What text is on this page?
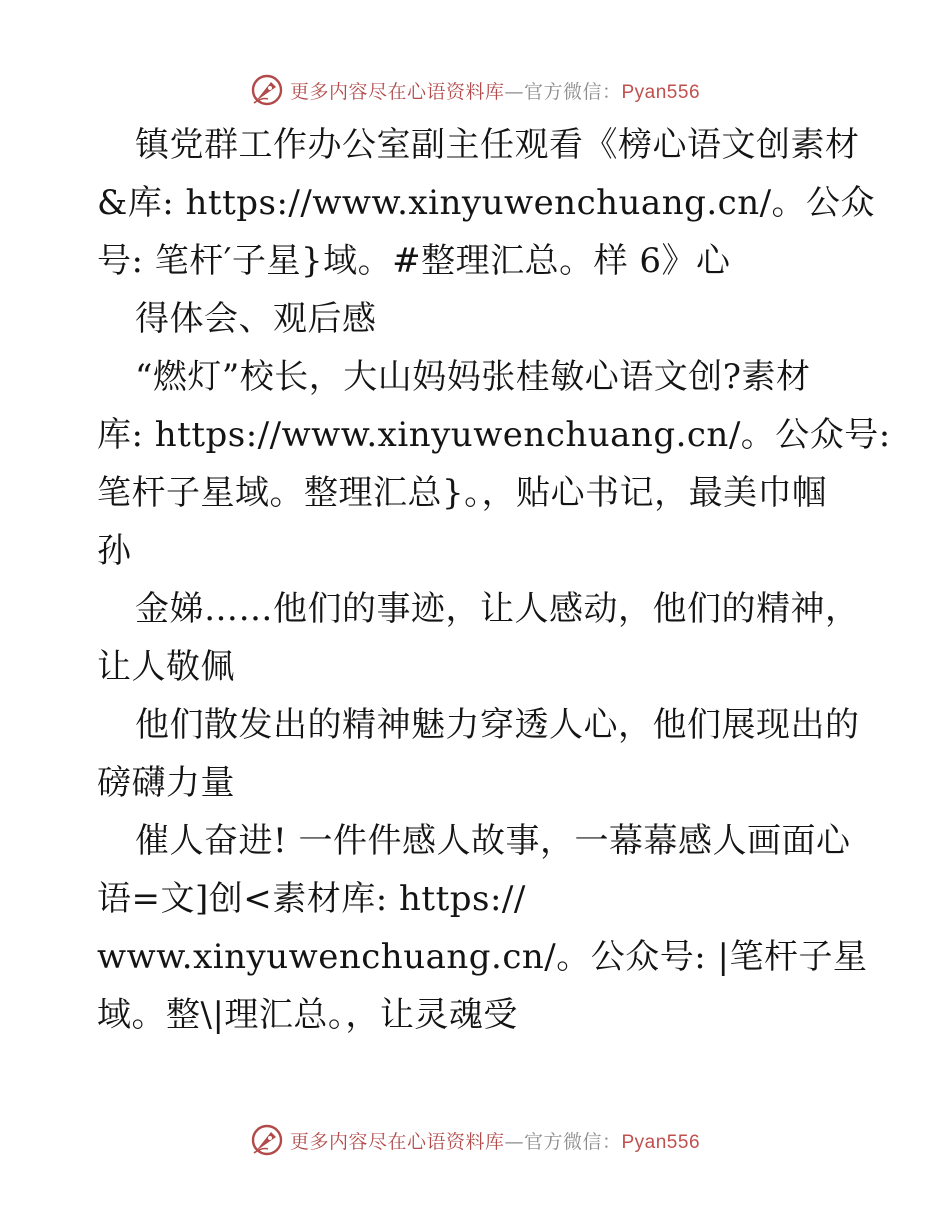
更多内容尽在心语资料库—官方微信：Pyan556
镇党群工作办公室副主任观看《榜心语文创素材
&库: https://www.xinyuwenchuang.cn/。公众
号: 笔杆′子星}域。#整理汇总。样 6》心
得体会、观后感
“燃灯”校长，大山妈妈张桂敏心语文创?素材
库: https://www.xinyuwenchuang.cn/。公众号:
笔杆子星域。整理汇总}。，贴心书记，最美巾帼
孙
金娣……他们的事迹，让人感动，他们的精神，
让人敬佩
他们散发出的精神魅力穿透人心，他们展现出的
磅礴力量
催人奋进! 一件件感人故事，一幕幕感人画面心
语=文]创<素材库: https://
www.xinyuwenchuang.cn/。公众号: |笔杆子星
域。整\|理汇总。，让灵魂受
更多内容尽在心语资料库—官方微信：Pyan556
